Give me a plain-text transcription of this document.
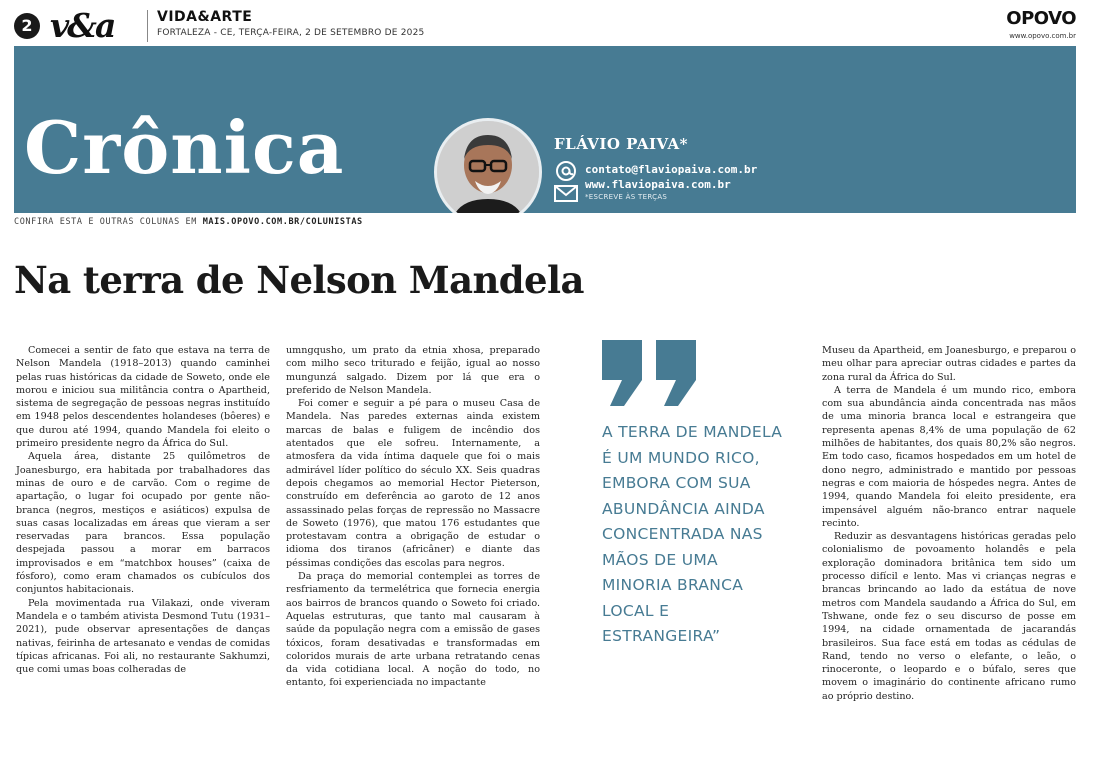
2 v&a	VIDA&ARTE
FORTALEZA - CE, TERÇA-FEIRA, 2 DE SETEMBRO DE 2025
OPOVO
www.opovo.com.br
Crônica	FLÁVIO PAIVA*
contato@flaviopaiva.com.br
www.flaviopaiva.com.br
*ESCREVE ÀS TERÇAS
CONFIRA ESTA E OUTRAS COLUNAS EM MAIS.OPOVO.COM.BR/COLUNISTAS
Na terra de Nelson Mandela

Comecei a sentir de fato que estava na terra de Nelson Mandela (1918–2013) quando caminhei pelas ruas históricas da cidade de Soweto, onde ele morou e iniciou sua militância contra o Apartheid, sistema de segregação de pessoas negras instituído em 1948 pelos descendentes holandeses (bôeres) e que durou até 1994, quando Mandela foi eleito o primeiro presidente negro da África do Sul.

Aquela área, distante 25 quilômetros de Joanesburgo, era habitada por trabalhadores das minas de ouro e de carvão. Com o regime de apartação, o lugar foi ocupado por gente não-branca (negros, mestiços e asiáticos) expulsa de suas casas localizadas em áreas que vieram a ser reservadas para brancos. Essa população despejada passou a morar em barracos improvisados e em “matchbox houses” (caixa de fósforo), como eram chamados os cubículos dos conjuntos habitacionais.

Pela movimentada rua Vilakazi, onde viveram Mandela e o também ativista Desmond Tutu (1931–2021), pude observar apresentações de danças nativas, feirinha de artesanato e vendas de comidas típicas africanas. Foi ali, no restaurante Sakhumzi, que comi umas boas colheradas de

umngqusho, um prato da etnia xhosa, preparado com milho seco triturado e feijão, igual ao nosso mungunzá salgado. Dizem por lá que era o preferido de Nelson Mandela.

Foi comer e seguir a pé para o museu Casa de Mandela. Nas paredes externas ainda existem marcas de balas e fuligem de incêndio dos atentados que ele sofreu. Internamente, a atmosfera da vida íntima daquele que foi o mais admirável líder político do século XX. Seis quadras depois chegamos ao memorial Hector Pieterson, construído em deferência ao garoto de 12 anos assassinado pelas forças de repressão no Massacre de Soweto (1976), que matou 176 estudantes que protestavam contra a obrigação de estudar o idioma dos tiranos (africâner) e diante das péssimas condições das escolas para negros.

Da praça do memorial contemplei as torres de resfriamento da termelétrica que fornecia energia aos bairros de brancos quando o Soweto foi criado. Aquelas estruturas, que tanto mal causaram à saúde da população negra com a emissão de gases tóxicos, foram desativadas e transformadas em coloridos murais de arte urbana retratando cenas da vida cotidiana local. A noção do todo, no entanto, foi experienciada no impactante

A TERRA DE MANDELA É UM MUNDO RICO, EMBORA COM SUA ABUNDÂNCIA AINDA CONCENTRADA NAS MÃOS DE UMA MINORIA BRANCA LOCAL E ESTRANGEIRA”

Museu da Apartheid, em Joanesburgo, e preparou o meu olhar para apreciar outras cidades e partes da zona rural da África do Sul.

A terra de Mandela é um mundo rico, embora com sua abundância ainda concentrada nas mãos de uma minoria branca local e estrangeira que representa apenas 8,4% de uma população de 62 milhões de habitantes, dos quais 80,2% são negros. Em todo caso, ficamos hospedados em um hotel de dono negro, administrado e mantido por pessoas negras e com maioria de hóspedes negra. Antes de 1994, quando Mandela foi eleito presidente, era impensável alguém não-branco entrar naquele recinto.

Reduzir as desvantagens históricas geradas pelo colonialismo de povoamento holandês e pela exploração dominadora britânica tem sido um processo difícil e lento. Mas vi crianças negras e brancas brincando ao lado da estátua de nove metros com Mandela saudando a África do Sul, em Tshwane, onde fez o seu discurso de posse em 1994, na cidade ornamentada de jacarandás brasileiros. Sua face está em todas as cédulas de Rand, tendo no verso o elefante, o leão, o rinoceronte, o leopardo e o búfalo, seres que movem o imaginário do continente africano rumo ao próprio destino.
